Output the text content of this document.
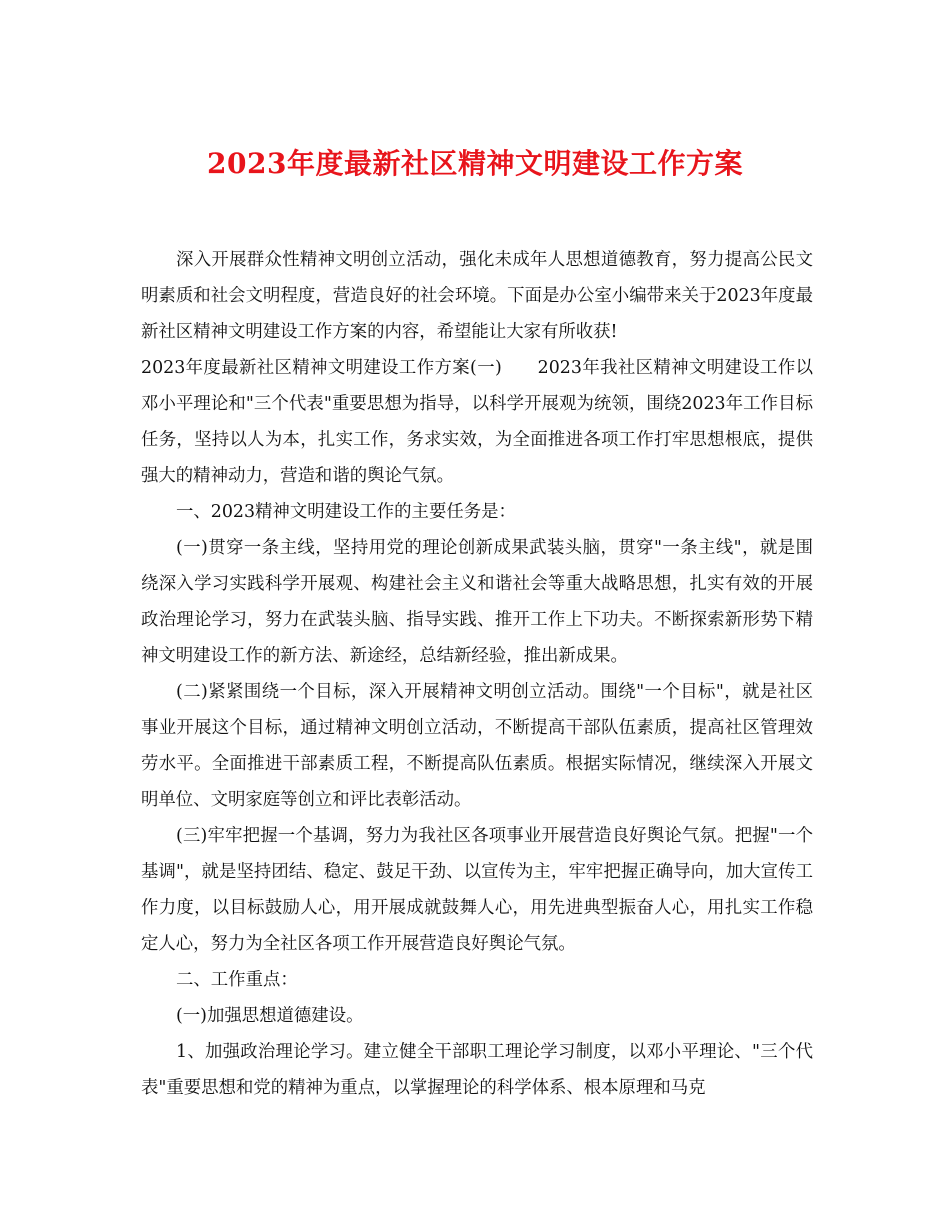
2023年度最新社区精神文明建设工作方案

深入开展群众性精神文明创立活动，强化未成年人思想道德教育，努力提高公民文明素质和社会文明程度，营造良好的社会环境。下面是办公室小编带来关于2023年度最新社区精神文明建设工作方案的内容，希望能让大家有所收获!

2023年度最新社区精神文明建设工作方案(一)　　2023年我社区精神文明建设工作以邓小平理论和"三个代表"重要思想为指导，以科学开展观为统领，围绕2023年工作目标任务，坚持以人为本，扎实工作，务求实效，为全面推进各项工作打牢思想根底，提供强大的精神动力，营造和谐的舆论气氛。

一、2023精神文明建设工作的主要任务是：

(一)贯穿一条主线，坚持用党的理论创新成果武装头脑，贯穿"一条主线"，就是围绕深入学习实践科学开展观、构建社会主义和谐社会等重大战略思想，扎实有效的开展政治理论学习，努力在武装头脑、指导实践、推开工作上下功夫。不断探索新形势下精神文明建设工作的新方法、新途经，总结新经验，推出新成果。

(二)紧紧围绕一个目标，深入开展精神文明创立活动。围绕"一个目标"，就是社区事业开展这个目标，通过精神文明创立活动，不断提高干部队伍素质，提高社区管理效劳水平。全面推进干部素质工程，不断提高队伍素质。根据实际情况，继续深入开展文明单位、文明家庭等创立和评比表彰活动。

(三)牢牢把握一个基调，努力为我社区各项事业开展营造良好舆论气氛。把握"一个基调"，就是坚持团结、稳定、鼓足干劲、以宣传为主，牢牢把握正确导向，加大宣传工作力度，以目标鼓励人心，用开展成就鼓舞人心，用先进典型振奋人心，用扎实工作稳定人心，努力为全社区各项工作开展营造良好舆论气氛。

二、工作重点：

(一)加强思想道德建设。

1、加强政治理论学习。建立健全干部职工理论学习制度，以邓小平理论、"三个代表"重要思想和党的精神为重点，以掌握理论的科学体系、根本原理和马克
